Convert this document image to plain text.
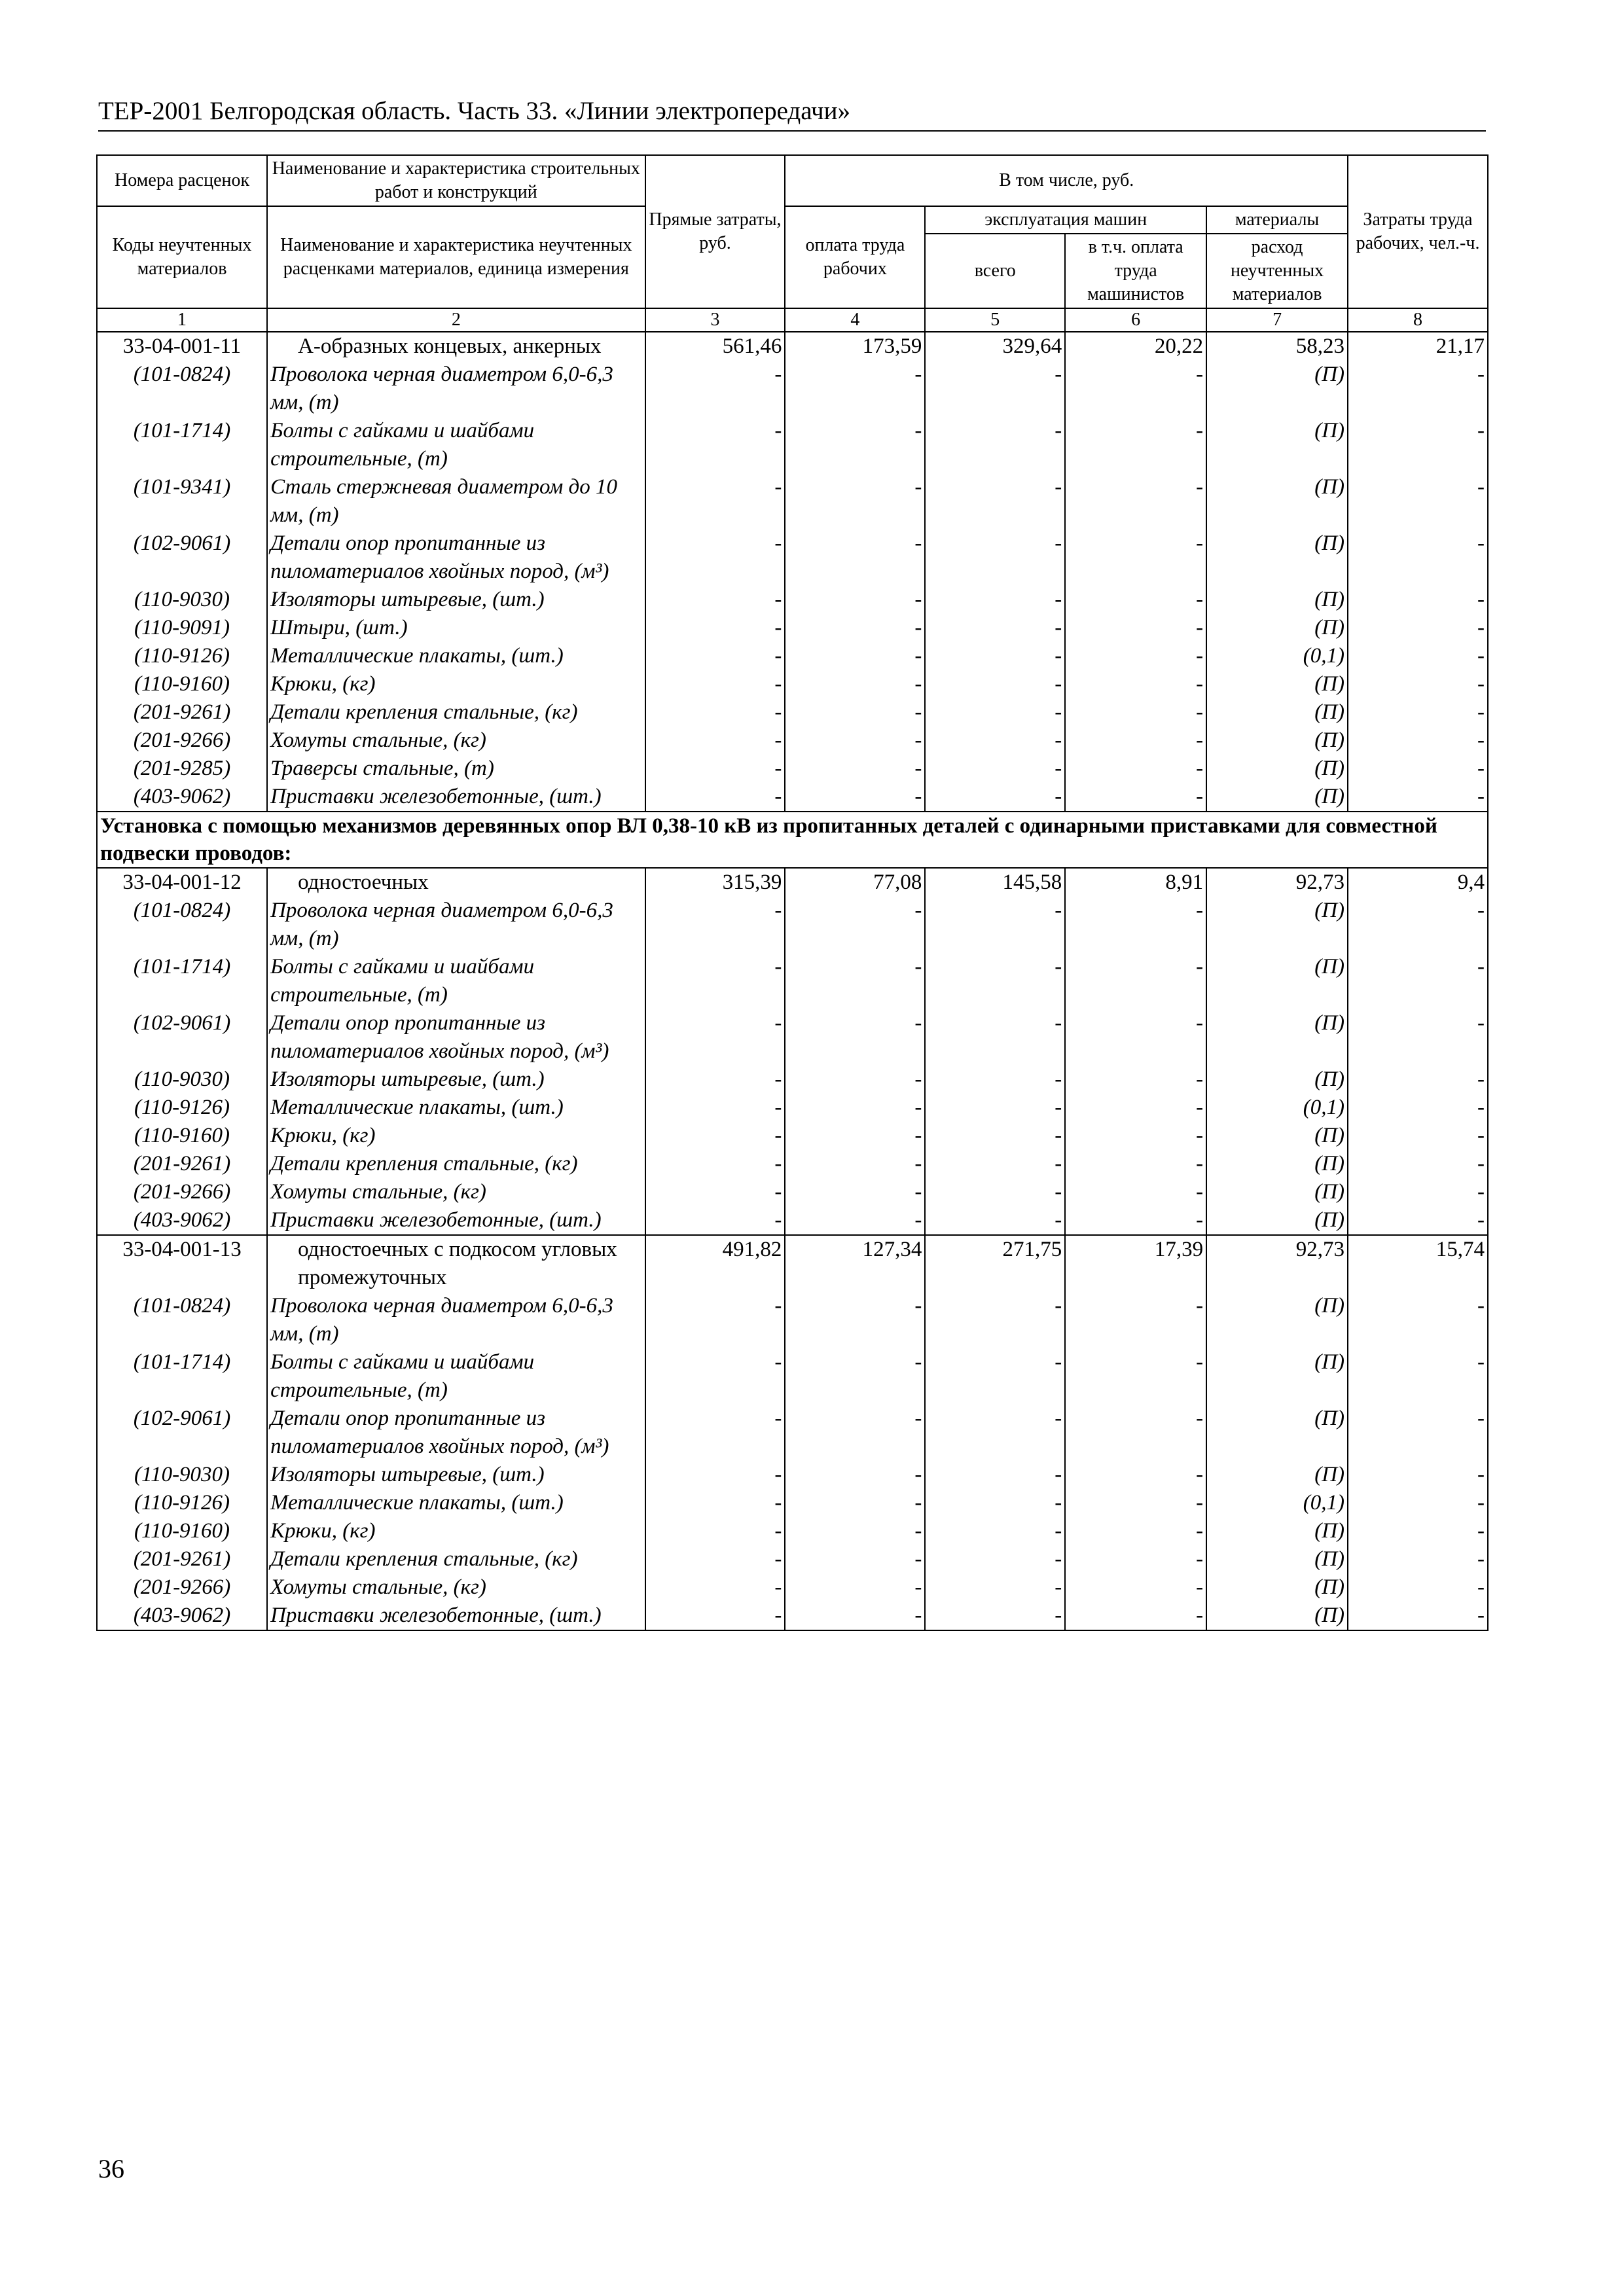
ТЕР-2001 Белгородская область. Часть 33. «Линии электропередачи»
Номера расценок	Наименование и характеристика строительных работ и конструкций	Прямые затраты, руб.	В том числе, руб.				Затраты труда рабочих, чел.-ч.
Коды неучтенных материалов	Наименование и характеристика неучтенных расценками материалов, единица измерения		оплата труда рабочих	эксплуатация машин		материалы	
				всего	в т.ч. оплата труда машинистов	расход неучтенных материалов	
1	2	3	4	5	6	7	8
33-04-001-11	А-образных концевых, анкерных	561,46	173,59	329,64	20,22	58,23	21,17
(101-0824)	Проволока черная диаметром 6,0-6,3 мм, (т)	-	-	-	-	(П)	-
(101-1714)	Болты с гайками и шайбами строительные, (т)	-	-	-	-	(П)	-
(101-9341)	Сталь стержневая диаметром до 10 мм, (т)	-	-	-	-	(П)	-
(102-9061)	Детали опор пропитанные из пиломатериалов хвойных пород, (м³)	-	-	-	-	(П)	-
(110-9030)	Изоляторы штыревые, (шт.)	-	-	-	-	(П)	-
(110-9091)	Штыри, (шт.)	-	-	-	-	(П)	-
(110-9126)	Металлические плакаты, (шт.)	-	-	-	-	(0,1)	-
(110-9160)	Крюки, (кг)	-	-	-	-	(П)	-
(201-9261)	Детали крепления стальные, (кг)	-	-	-	-	(П)	-
(201-9266)	Хомуты стальные, (кг)	-	-	-	-	(П)	-
(201-9285)	Траверсы стальные, (т)	-	-	-	-	(П)	-
(403-9062)	Приставки железобетонные, (шт.)	-	-	-	-	(П)	-
Установка с помощью механизмов деревянных опор ВЛ 0,38-10 кВ из пропитанных деталей с одинарными приставками для совместной подвески проводов:							
33-04-001-12	одностоечных	315,39	77,08	145,58	8,91	92,73	9,4
(101-0824)	Проволока черная диаметром 6,0-6,3 мм, (т)	-	-	-	-	(П)	-
(101-1714)	Болты с гайками и шайбами строительные, (т)	-	-	-	-	(П)	-
(102-9061)	Детали опор пропитанные из пиломатериалов хвойных пород, (м³)	-	-	-	-	(П)	-
(110-9030)	Изоляторы штыревые, (шт.)	-	-	-	-	(П)	-
(110-9126)	Металлические плакаты, (шт.)	-	-	-	-	(0,1)	-
(110-9160)	Крюки, (кг)	-	-	-	-	(П)	-
(201-9261)	Детали крепления стальные, (кг)	-	-	-	-	(П)	-
(201-9266)	Хомуты стальные, (кг)	-	-	-	-	(П)	-
(403-9062)	Приставки железобетонные, (шт.)	-	-	-	-	(П)	-
33-04-001-13	одностоечных с подкосом угловых промежуточных	491,82	127,34	271,75	17,39	92,73	15,74
(101-0824)	Проволока черная диаметром 6,0-6,3 мм, (т)	-	-	-	-	(П)	-
(101-1714)	Болты с гайками и шайбами строительные, (т)	-	-	-	-	(П)	-
(102-9061)	Детали опор пропитанные из пиломатериалов хвойных пород, (м³)	-	-	-	-	(П)	-
(110-9030)	Изоляторы штыревые, (шт.)	-	-	-	-	(П)	-
(110-9126)	Металлические плакаты, (шт.)	-	-	-	-	(0,1)	-
(110-9160)	Крюки, (кг)	-	-	-	-	(П)	-
(201-9261)	Детали крепления стальные, (кг)	-	-	-	-	(П)	-
(201-9266)	Хомуты стальные, (кг)	-	-	-	-	(П)	-
(403-9062)	Приставки железобетонные, (шт.)	-	-	-	-	(П)	-
36
